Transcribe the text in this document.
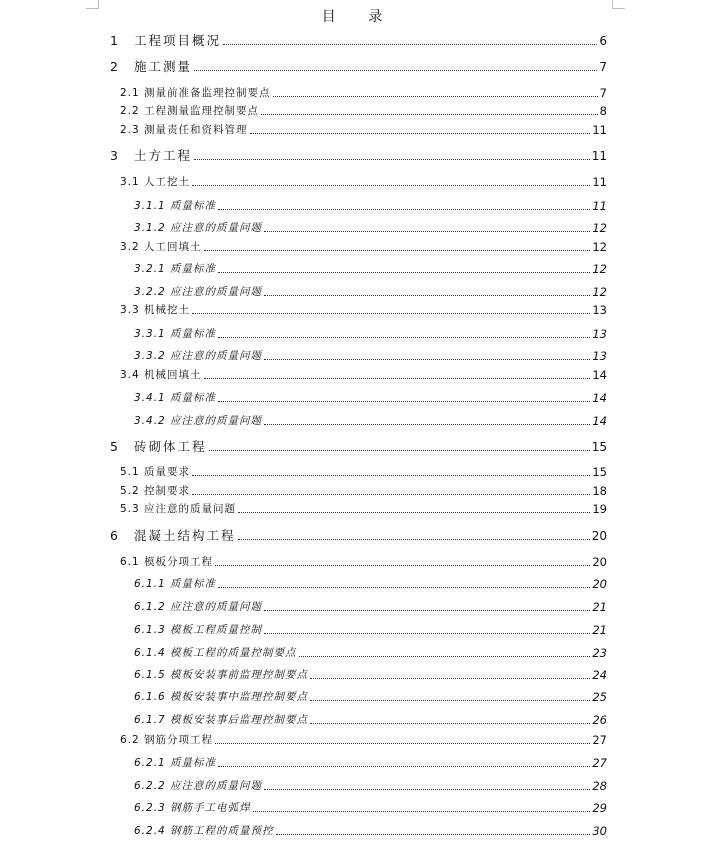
目 录
1 工程项目概况	6
2 施工测量	7
2.1 测量前准备监理控制要点	7
2.2 工程测量监理控制要点	8
2.3 测量责任和资料管理	11
3 土方工程	11
3.1 人工挖土	11
3.1.1 质量标准	11
3.1.2 应注意的质量问题	12
3.2 人工回填土	12
3.2.1 质量标准	12
3.2.2 应注意的质量问题	12
3.3 机械挖土	13
3.3.1 质量标准	13
3.3.2 应注意的质量问题	13
3.4 机械回填土	14
3.4.1 质量标准	14
3.4.2 应注意的质量问题	14
5 砖砌体工程	15
5.1 质量要求	15
5.2 控制要求	18
5.3 应注意的质量问题	19
6 混凝土结构工程	20
6.1 模板分项工程	20
6.1.1 质量标准	20
6.1.2 应注意的质量问题	21
6.1.3 模板工程质量控制	21
6.1.4 模板工程的质量控制要点	23
6.1.5 模板安装事前监理控制要点	24
6.1.6 模板安装事中监理控制要点	25
6.1.7 模板安装事后监理控制要点	26
6.2 钢筋分项工程	27
6.2.1 质量标准	27
6.2.2 应注意的质量问题	28
6.2.3 钢筋手工电弧焊	29
6.2.4 钢筋工程的质量预控	30
